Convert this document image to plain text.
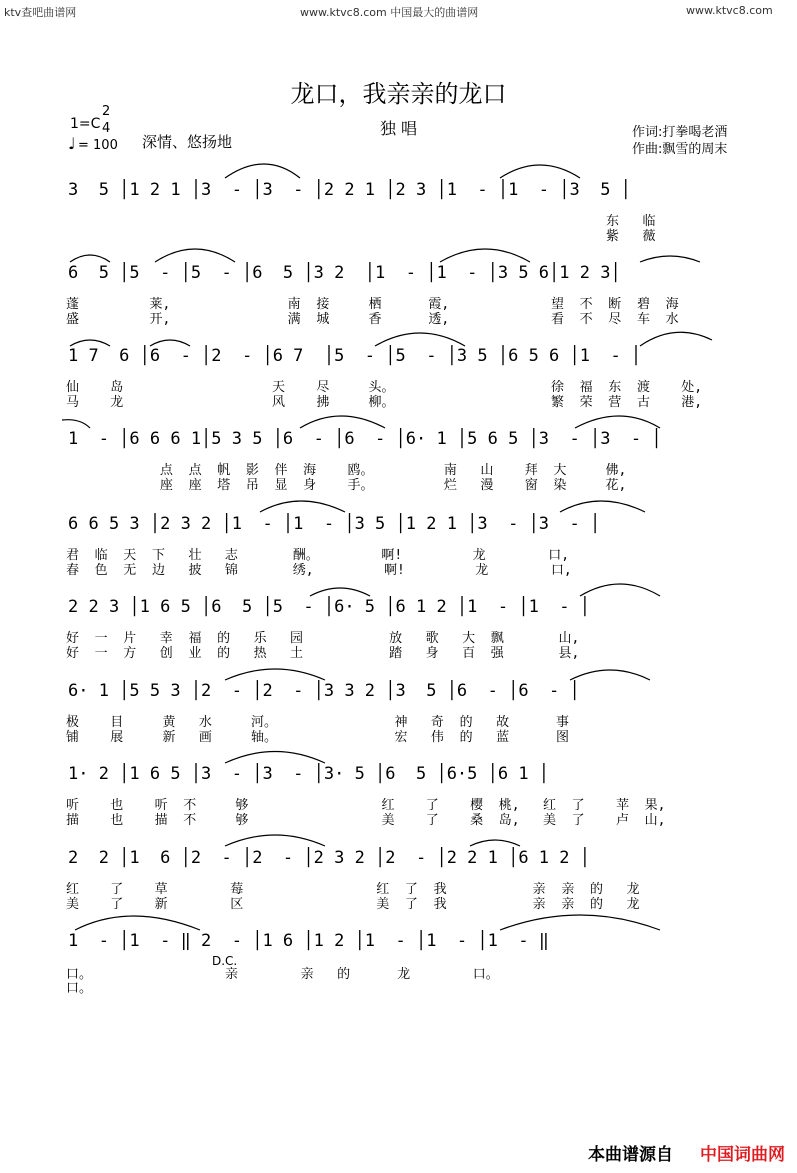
ktv查吧曲谱网	www.ktvc8.com 中国最大的曲谱网	www.ktvc8.com
龙口，我亲亲的龙口
独 唱
1=C
2
4
♩ = 100 深情、悠扬地
作词:打拳喝老酒
作曲:飘雪的周末
3  5 │1 2 1 │3  - │3  - │2 2 1 │2 3 │1  - │1  - │3  5 │
东   临
紫   薇
6  5 │5  - │5  - │6  5 │3 2  │1  - │1  - │3 5 6│1 2 3│
蓬         莱,               南  接     栖      霞,             望  不  断  碧  海
盛         开,               满  城     香      透,             看  不  尽  车  水
1 7  6 │6  - │2  - │6 7  │5  - │5  - │3 5 │6 5 6 │1  - │
仙    岛                   天    尽     头。                    徐  福  东  渡    处,
马    龙                   风    拂     柳。                    繁  荣  营  古    港,
1  - │6 6 6 1│5 3 5 │6  - │6  - │6· 1 │5 6 5 │3  - │3  - │
点  点  帆  影  伴  海    鸥。         南   山    拜  大     佛,
座  座  塔  吊  显  身    手。         烂   漫    窗  染     花,
6 6 5 3 │2 3 2 │1  - │1  - │3 5 │1 2 1 │3  - │3  - │
君  临  天  下   壮   志       酬。        啊!         龙        口,
春  色  无  边   披   锦       绣,         啊!         龙        口,
2 2 3 │1 6 5 │6  5 │5  - │6· 5 │6 1 2 │1  - │1  - │
好  一  片   幸  福  的   乐   园           放   歌   大  飘       山,
好  一  方   创  业  的   热   土           踏   身   百  强       县,
6· 1 │5 5 3 │2  - │2  - │3 3 2 │3  5 │6  - │6  - │
极    目     黄   水     河。               神   奇  的   故      事
铺    展     新   画     轴。               宏   伟  的   蓝      图
1· 2 │1 6 5 │3  - │3  - │3· 5 │6  5 │6·5 │6 1 │
听    也    听  不     够                 红    了    樱  桃,   红  了    苹  果,
描    也    描  不     够                 美    了    桑  岛,   美  了    卢  山,
2  2 │1  6 │2  - │2  - │2 3 2 │2  - │2 2 1 │6 1 2 │
红    了    草        莓                 红  了  我           亲  亲  的   龙
美    了    新        区                 美  了  我           亲  亲  的   龙
1  - │1  - ‖ 2  - │1 6 │1 2 │1  - │1  - │1  - ‖
D.C.
口。                 亲        亲   的      龙        口。
口。
本曲谱源自 中国词曲网
